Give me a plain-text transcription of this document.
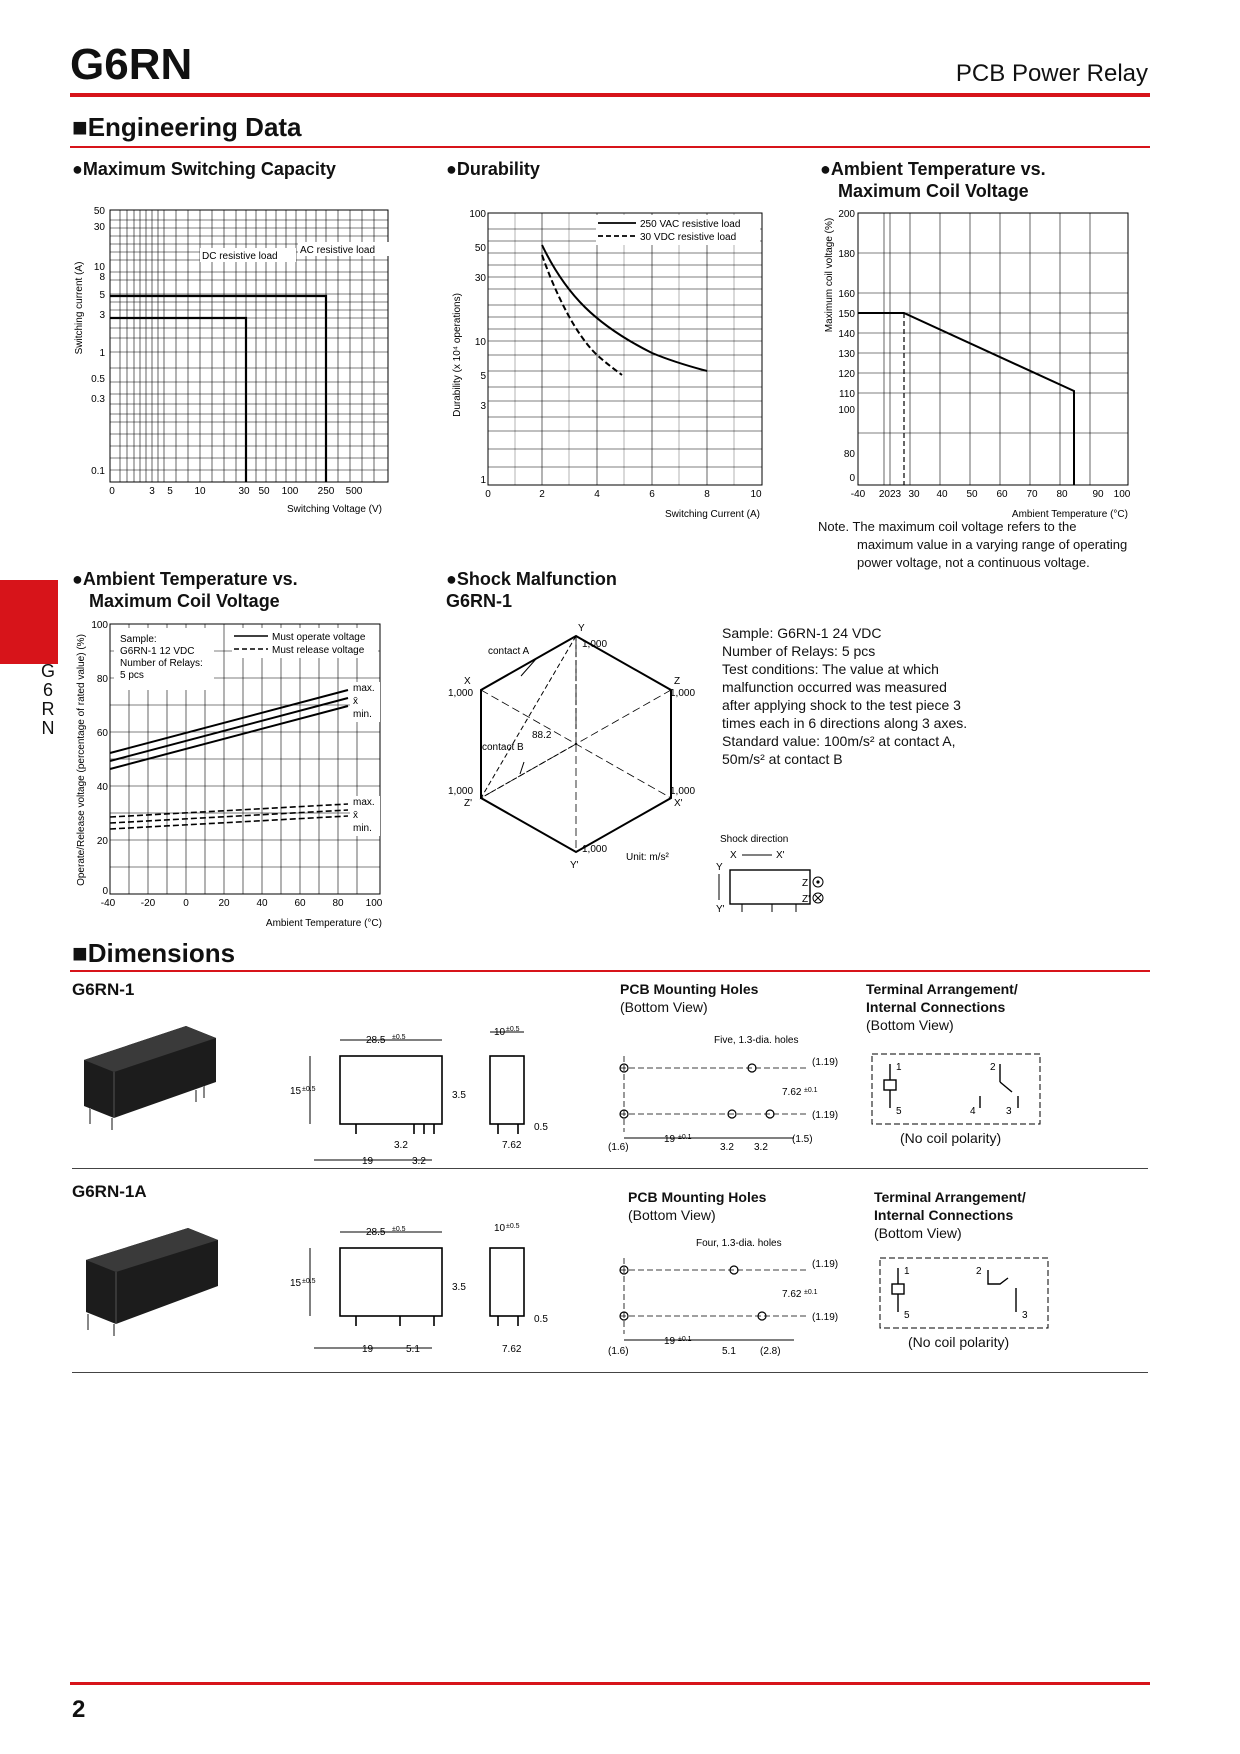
G6RN	PCB Power Relay
■Engineering Data
G
6
R
N
●Maximum Switching Capacity
DC resistive load
AC resistive load
50
30
10
8
5
3
1
0.5
0.3
0.1
0	3 5 10	30 50 100 250 500
Switching Voltage (V)
Switching current (A)
●Durability
250 VAC resistive load
30 VDC resistive load
100
50
30
10
5
3
1
0	2	4	6	8	10
Switching Current (A)
Durability (x 10⁴ operations)
●Ambient Temperature vs.
Maximum Coil Voltage
200
180
160
150
140
130
120
110
100
80
0
-40 2023 30 40 50 60 70 80 90 100
Ambient Temperature (°C)
Maximum coil voltage (%)
Note. The maximum coil voltage refers to the
maximum value in a varying range of operating
power voltage, not a continuous voltage.
●Ambient Temperature vs.
Maximum Coil Voltage
Sample:
G6RN-1 12 VDC
Number of Relays:
5 pcs
Must operate voltage
Must release voltage
max.
x̄
min.
max.
x̄
min.
100
80
60
40
20
0
-40	-20	0	20	40	60	80 100
Ambient Temperature (°C)
Operate/Release voltage (percentage of rated value) (%)
●Shock Malfunction
G6RN-1
Y
1,000
contact A
X
1,000
Z
1,000
88.2
contact B
1,000
Z'
1,000
X'
1,000
Y'
Unit: m/s²
Sample: G6RN-1 24 VDC
Number of Relays: 5 pcs
Test conditions: The value at which
malfunction occurred was measured
after applying shock to the test piece 3
times each in 6 directions along 3 axes.
Standard value: 100m/s² at contact A,
50m/s² at contact B
Shock direction
X	X'
Y
Y'
Z
Z'
■Dimensions
G6RN-1
28.5 ±0.5	10 ±0.5
15 ±0.5
3.5
0.5
3.2	7.62
19	3.2
PCB Mounting Holes
(Bottom View)
Five, 1.3-dia. holes
(1.19)
7.62 ±0.1
(1.19)
19 ±0.1	(1.5)
(1.6)	3.2 3.2
Terminal Arrangement/
Internal Connections
(Bottom View)
1	2
5	4	3
(No coil polarity)
G6RN-1A
28.5 ±0.5	10 ±0.5
15 ±0.5
3.5
0.5
19	5.1	7.62
PCB Mounting Holes
(Bottom View)
Four, 1.3-dia. holes
(1.19)
7.62 ±0.1
(1.19)
19 ±0.1
(1.6)	5.1 (2.8)
Terminal Arrangement/
Internal Connections
(Bottom View)
1	2
5	3
(No coil polarity)
2
